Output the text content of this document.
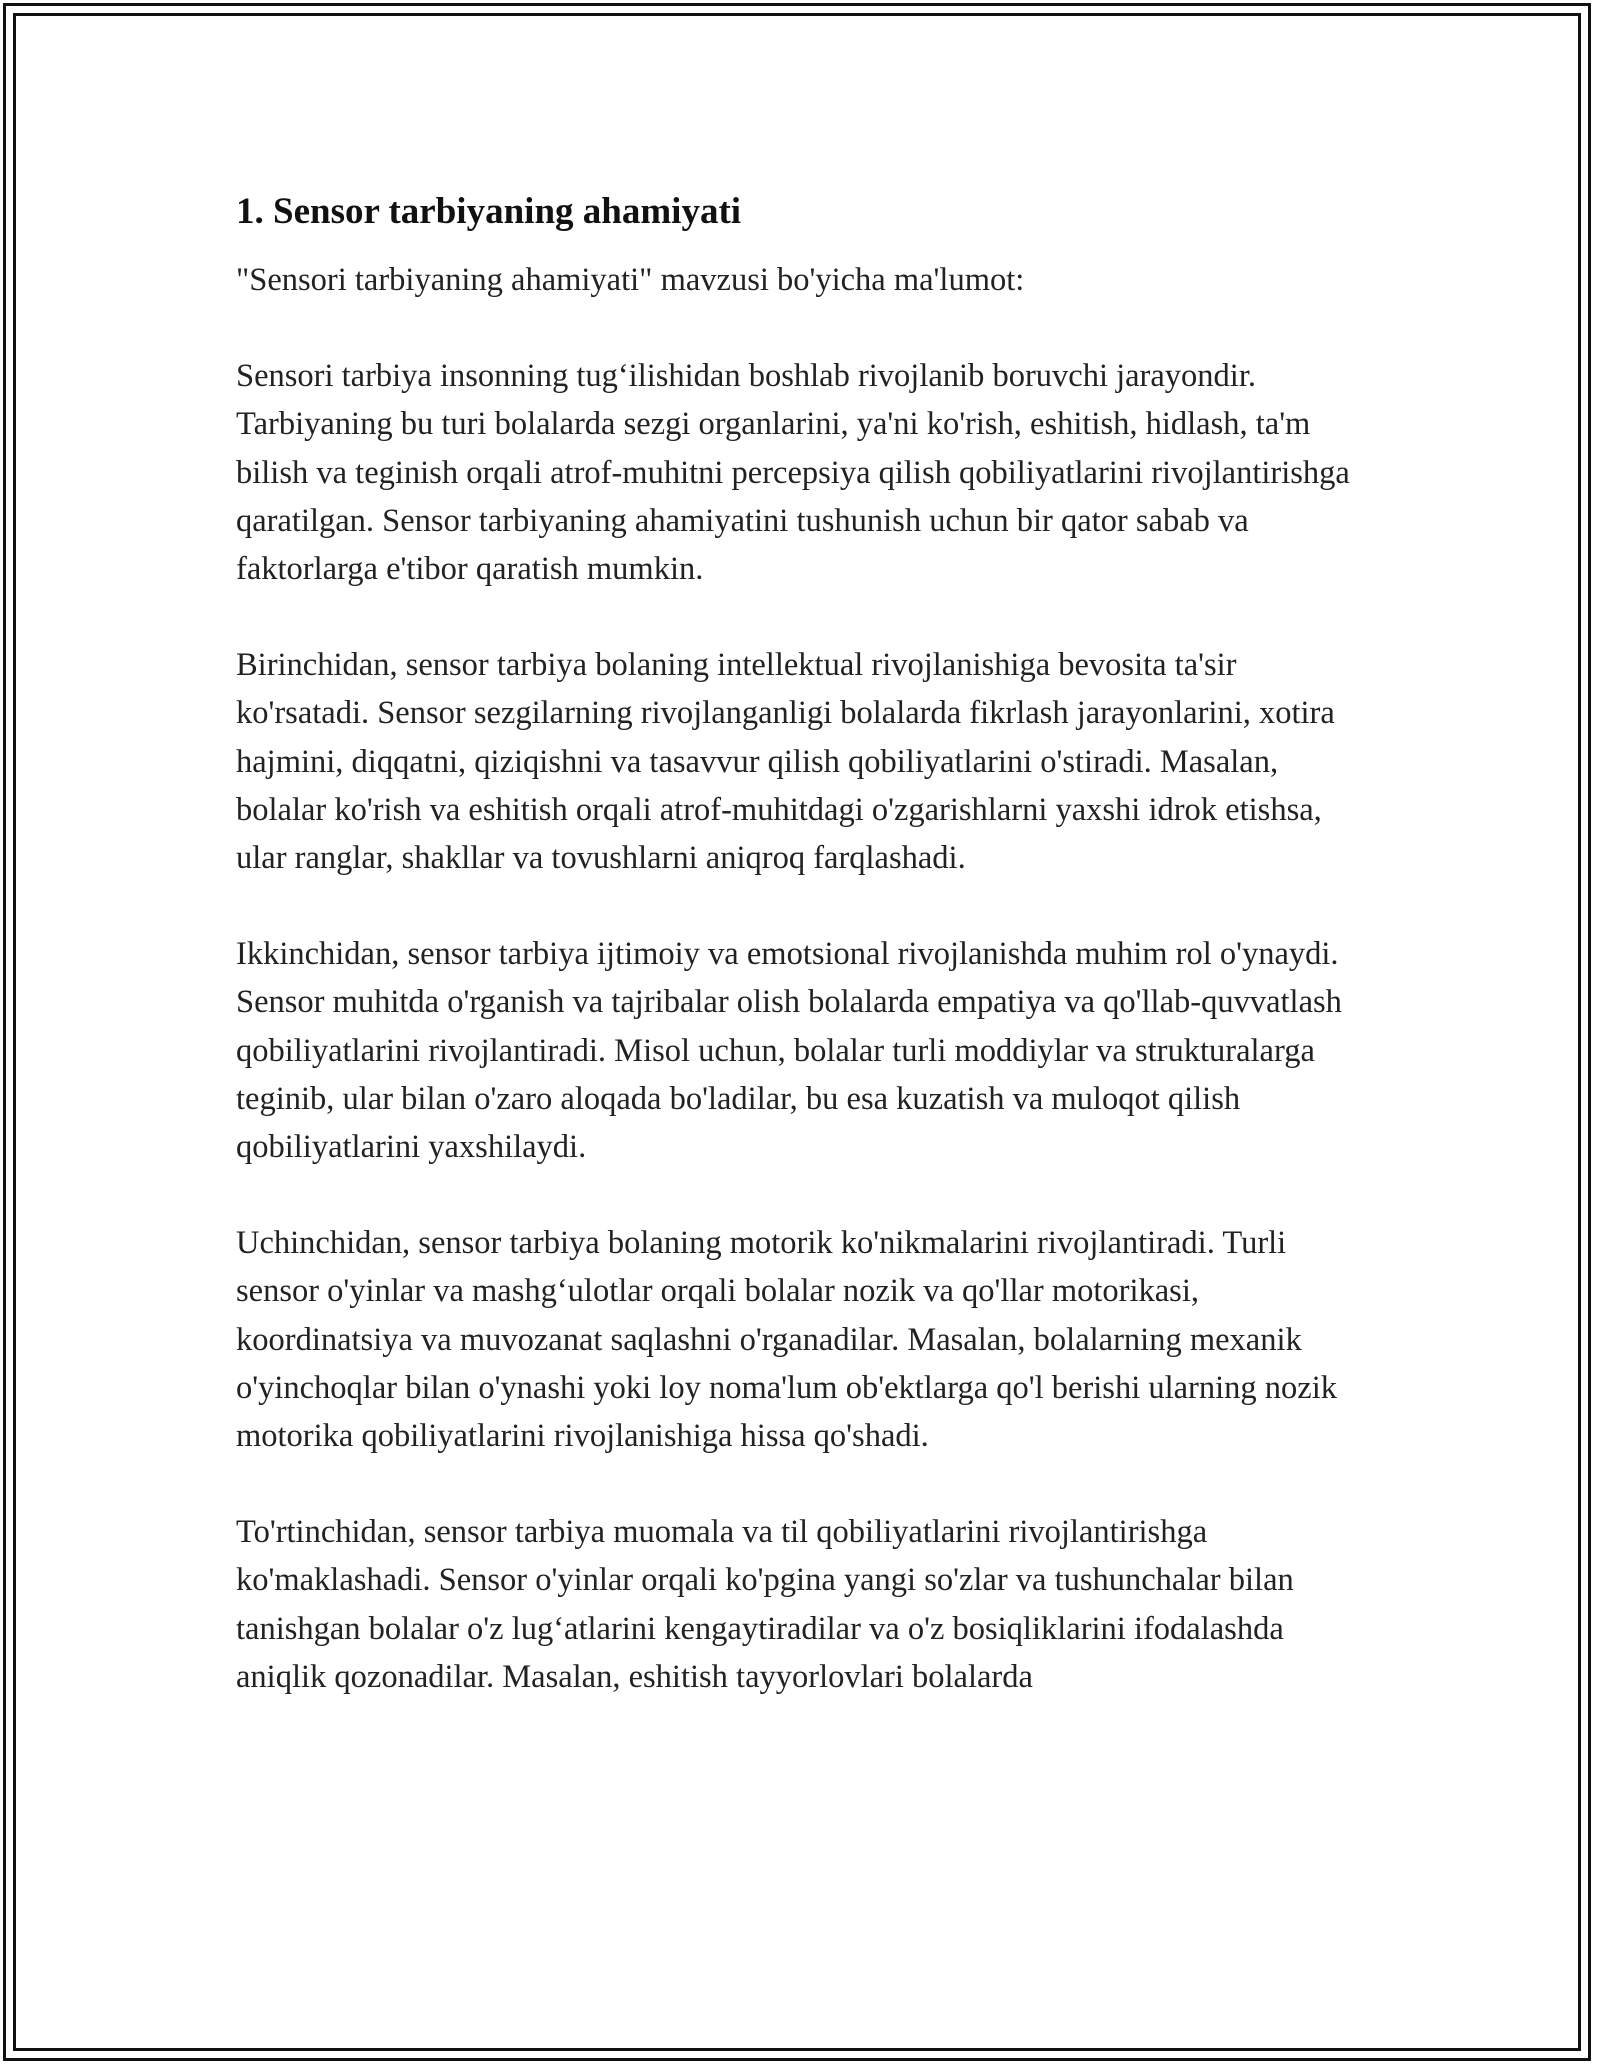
1. Sensor tarbiyaning ahamiyati

"Sensori tarbiyaning ahamiyati" mavzusi bo'yicha ma'lumot:

Sensori tarbiya insonning tug‘ilishidan boshlab rivojlanib boruvchi jarayondir. Tarbiyaning bu turi bolalarda sezgi organlarini, ya'ni ko'rish, eshitish, hidlash, ta'm bilish va teginish orqali atrof-muhitni percepsiya qilish qobiliyatlarini rivojlantirishga qaratilgan. Sensor tarbiyaning ahamiyatini tushunish uchun bir qator sabab va faktorlarga e'tibor qaratish mumkin.

Birinchidan, sensor tarbiya bolaning intellektual rivojlanishiga bevosita ta'sir ko'rsatadi. Sensor sezgilarning rivojlanganligi bolalarda fikrlash jarayonlarini, xotira hajmini, diqqatni, qiziqishni va tasavvur qilish qobiliyatlarini o'stiradi. Masalan, bolalar ko'rish va eshitish orqali atrof-muhitdagi o'zgarishlarni yaxshi idrok etishsa, ular ranglar, shakllar va tovushlarni aniqroq farqlashadi.

Ikkinchidan, sensor tarbiya ijtimoiy va emotsional rivojlanishda muhim rol o'ynaydi. Sensor muhitda o'rganish va tajribalar olish bolalarda empatiya va qo'llab-quvvatlash qobiliyatlarini rivojlantiradi. Misol uchun, bolalar turli moddiylar va strukturalarga teginib, ular bilan o'zaro aloqada bo'ladilar, bu esa kuzatish va muloqot qilish qobiliyatlarini yaxshilaydi.

Uchinchidan, sensor tarbiya bolaning motorik ko'nikmalarini rivojlantiradi. Turli sensor o'yinlar va mashg‘ulotlar orqali bolalar nozik va qo'llar motorikasi, koordinatsiya va muvozanat saqlashni o'rganadilar. Masalan, bolalarning mexanik o'yinchoqlar bilan o'ynashi yoki loy noma'lum ob'ektlarga qo'l berishi ularning nozik motorika qobiliyatlarini rivojlanishiga hissa qo'shadi.

To'rtinchidan, sensor tarbiya muomala va til qobiliyatlarini rivojlantirishga ko'maklashadi. Sensor o'yinlar orqali ko'pgina yangi so'zlar va tushunchalar bilan tanishgan bolalar o'z lug‘atlarini kengaytiradilar va o'z bosiqliklarini ifodalashda aniqlik qozonadilar. Masalan, eshitish tayyorlovlari bolalarda
